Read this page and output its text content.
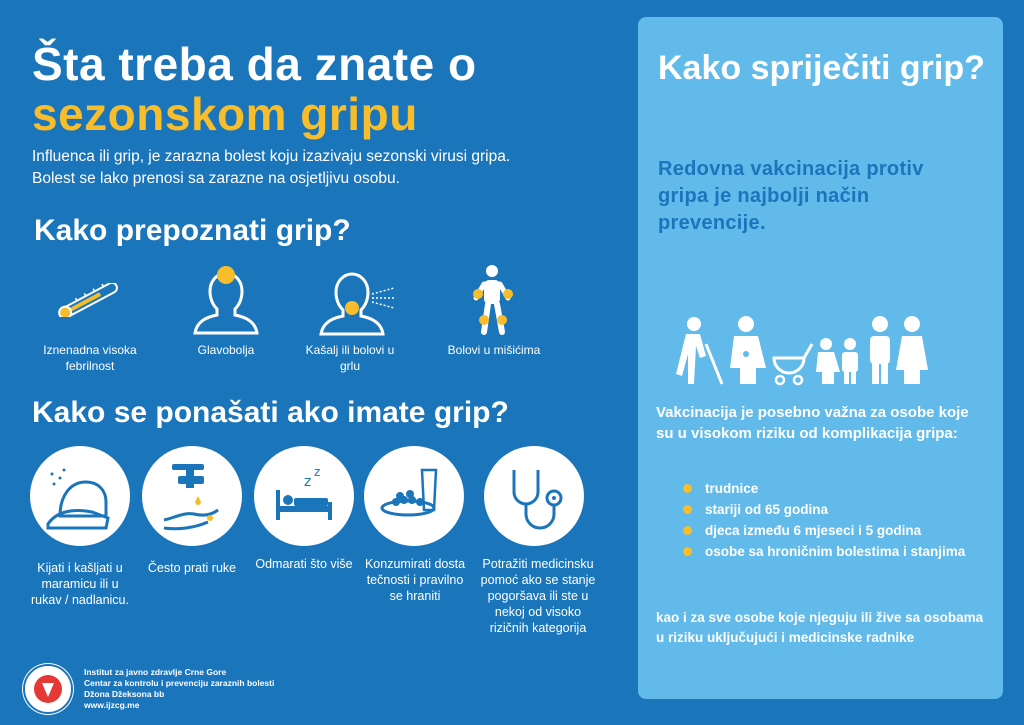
Šta treba da znate o
sezonskom gripu
Influenca ili grip, je zarazna bolest koju izazivaju sezonski virusi gripa. Bolest se lako prenosi sa zarazne na osjetljivu osobu.
Kako prepoznati grip?
Iznenadna visoka febrilnost
Glavobolja	Kašalj ili bolovi u grlu
Bolovi u mišićima
Kako se ponašati ako imate grip?
z
z
Kijati i kašljati u maramicu ili u rukav / nadlanicu.
Često prati ruke	Odmarati što više Konzumirati dosta tečnosti i pravilno se hraniti
Potražiti medicinsku pomoć ako se stanje pogoršava ili ste u nekoj od visoko rizičnih kategorija
Institut za javno zdravlje Crne Gore
Centar za kontrolu i prevenciju zaraznih bolesti
Džona Džeksona bb
www.ijzcg.me
Kako spriječiti grip?
Redovna vakcinacija protiv gripa je najbolji način prevencije.
Vakcinacija je posebno važna za osobe koje su u visokom riziku od komplikacija gripa:
trudnice
stariji od 65 godina
djeca između 6 mjeseci i 5 godina
osobe sa hroničnim bolestima i stanjima
kao i za sve osobe koje njeguju ili žive sa osobama u riziku uključujući i medicinske radnike
